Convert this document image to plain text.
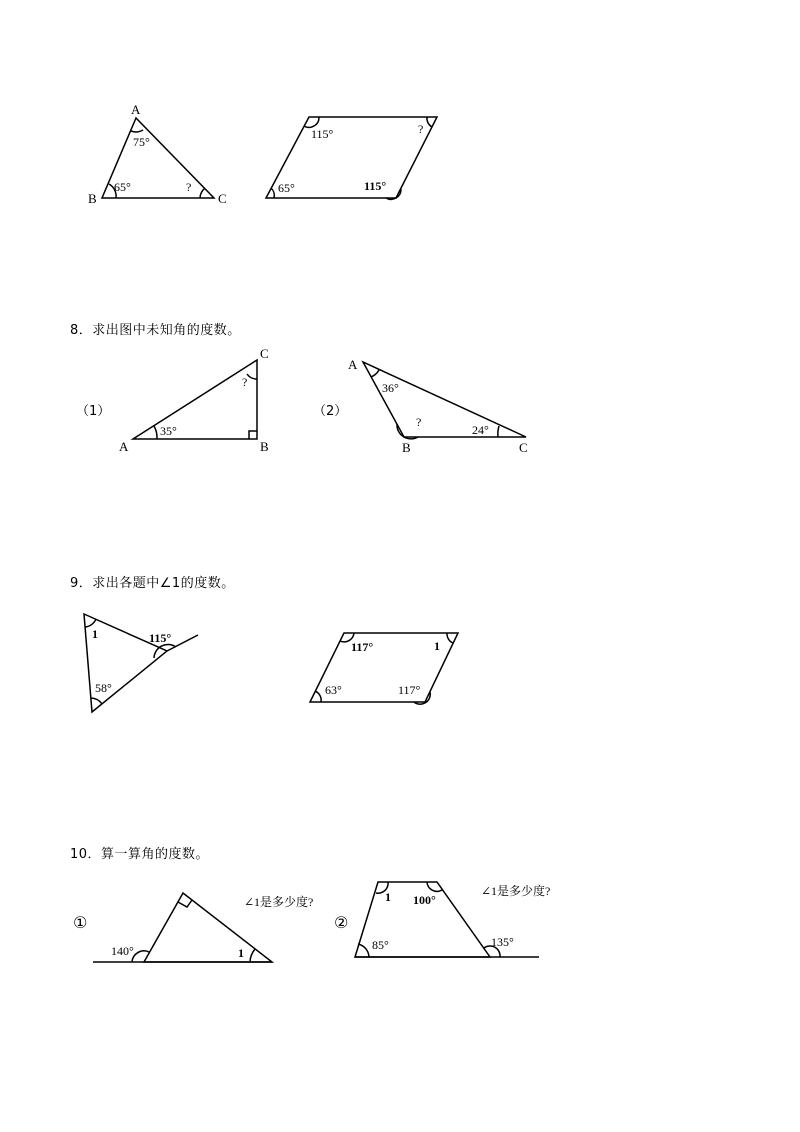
A
B	C
75°
65°	?
115°	?
65°	115°
8．求出图中未知角的度数。
（1）	（2）
A	B
C
35°
?
A
B	C
36°
?
24°
9．求出各题中∠1的度数。
1	115°
58°
117°	1
63°	117°
10．算一算角的度数。
①	②
140°	1
∠1是多少度?	1 100°
85°	135°
∠1是多少度?
